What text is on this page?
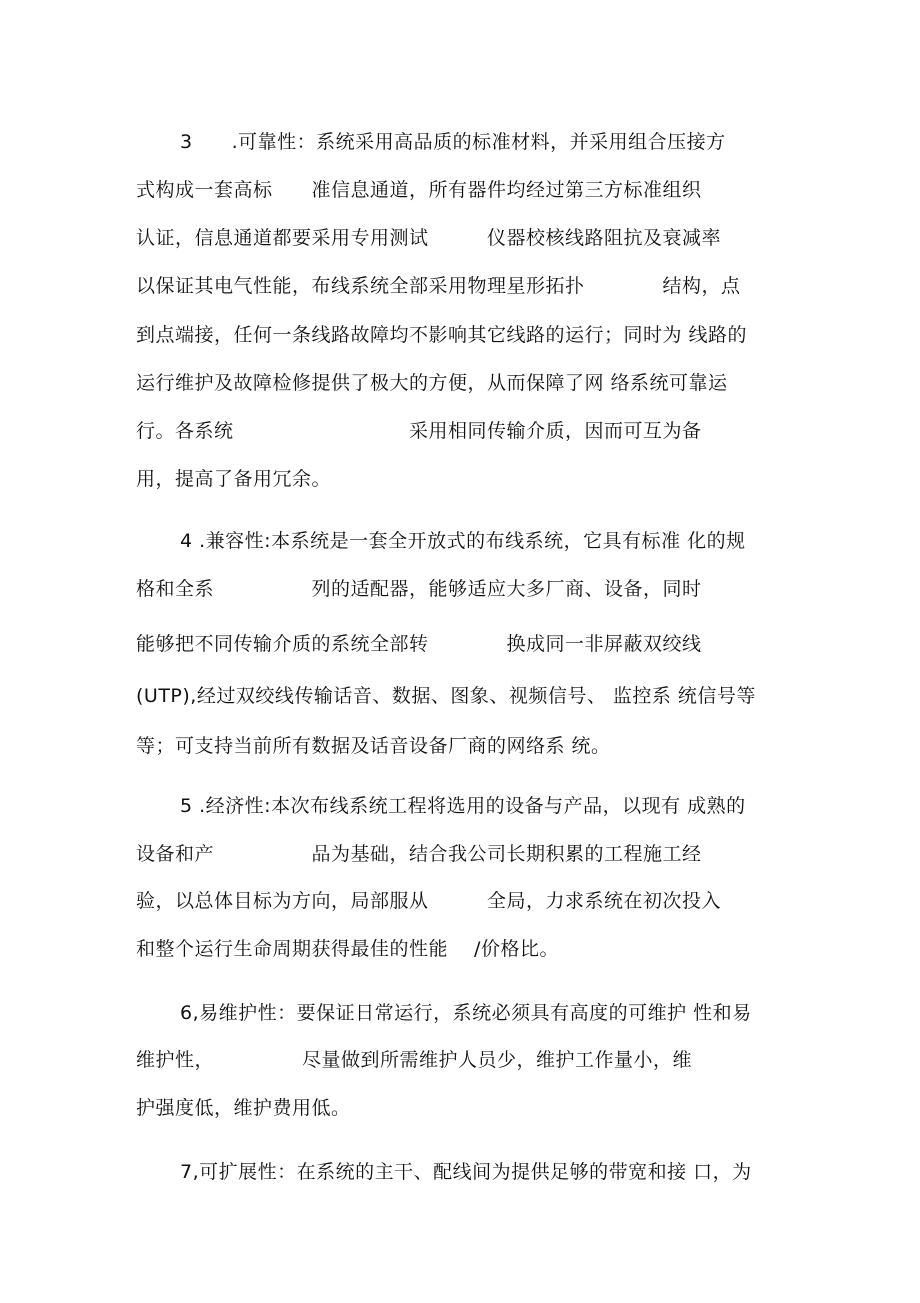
3　　.可靠性：系统采用高品质的标准材料，并采用组合压接方
式构成一套高标　　准信息通道，所有器件均经过第三方标准组织
认证，信息通道都要采用专用测试　　　仪器校核线路阻抗及衰减率
以保证其电气性能，布线系统全部采用物理星形拓扑　　　　结构，点
到点端接，任何一条线路故障均不影响其它线路的运行；同时为 线路的
运行维护及故障检修提供了极大的方便，从而保障了网 络系统可靠运
行。各系统　　　　　　　　　采用相同传输介质，因而可互为备
用，提高了备用冗余。
4 .兼容性:本系统是一套全开放式的布线系统，它具有标准 化的规
格和全系　　　　　列的适配器，能够适应大多厂商、设备，同时
能够把不同传输介质的系统全部转　　　　换成同一非屏蔽双绞线
(UTP),经过双绞线传输话音、数据、图象、视频信号、 监控系 统信号等
等；可支持当前所有数据及话音设备厂商的网络系 统。
5 .经济性:本次布线系统工程将选用的设备与产品，以现有 成熟的
设备和产　　　　　品为基础，结合我公司长期积累的工程施工经
验，以总体目标为方向，局部服从　　　全局，力求系统在初次投入
和整个运行生命周期获得最佳的性能　 /价格比。
6,易维护性：要保证日常运行，系统必须具有高度的可维护 性和易
维护性，　　　　　尽量做到所需维护人员少，维护工作量小，维
护强度低，维护费用低。
7,可扩展性：在系统的主干、配线间为提供足够的带宽和接 口，为
